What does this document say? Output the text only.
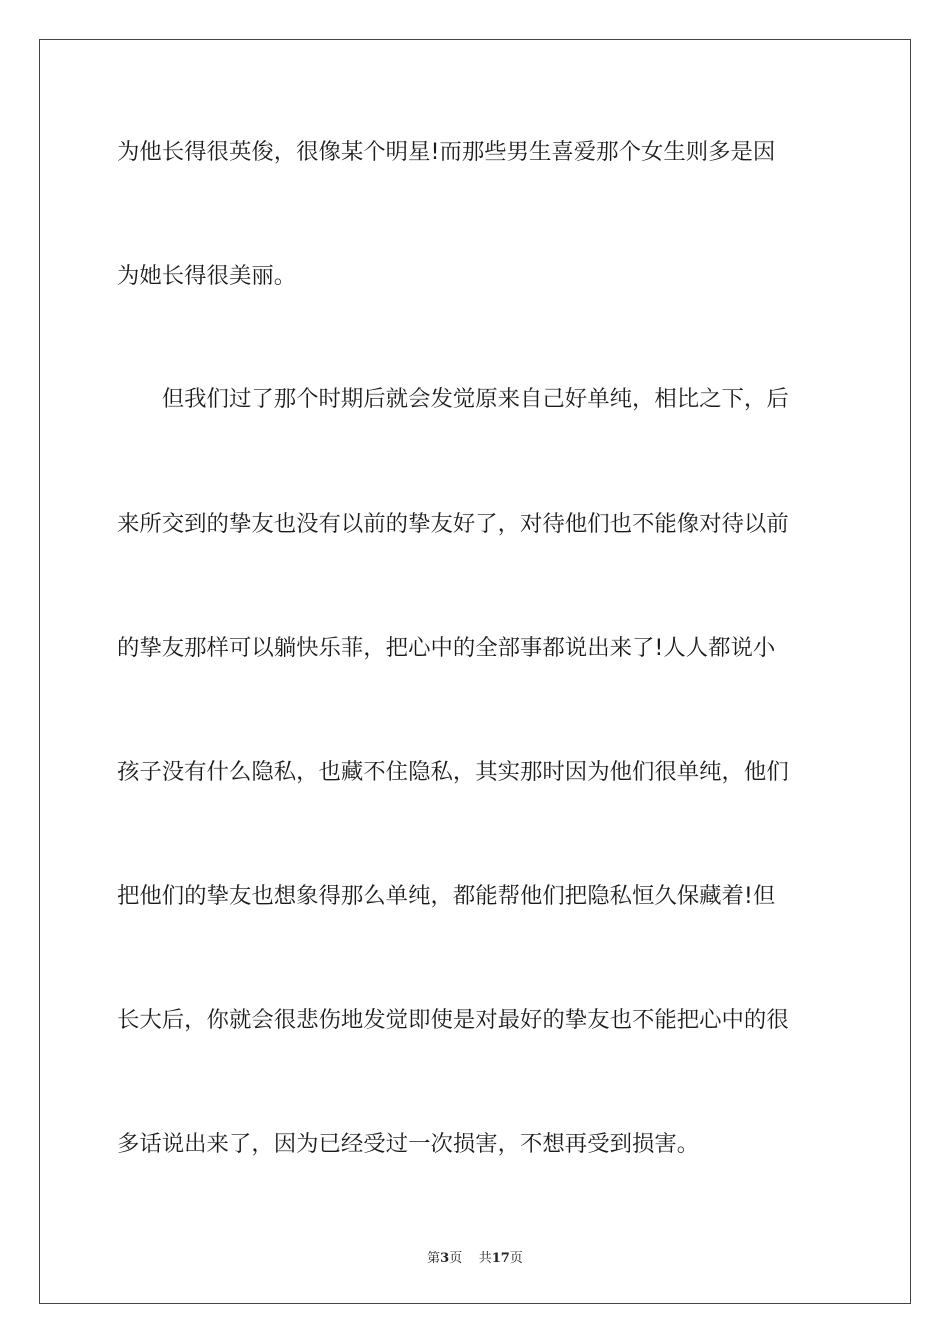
为他长得很英俊，很像某个明星!而那些男生喜爱那个女生则多是因
为她长得很美丽。
　　但我们过了那个时期后就会发觉原来自己好单纯，相比之下，后
来所交到的挚友也没有以前的挚友好了，对待他们也不能像对待以前
的挚友那样可以躺快乐菲，把心中的全部事都说出来了!人人都说小
孩子没有什么隐私，也藏不住隐私，其实那时因为他们很单纯，他们
把他们的挚友也想象得那么单纯，都能帮他们把隐私恒久保藏着!但
长大后，你就会很悲伤地发觉即使是对最好的挚友也不能把心中的很
多话说出来了，因为已经受过一次损害，不想再受到损害。
第3页 共17页
